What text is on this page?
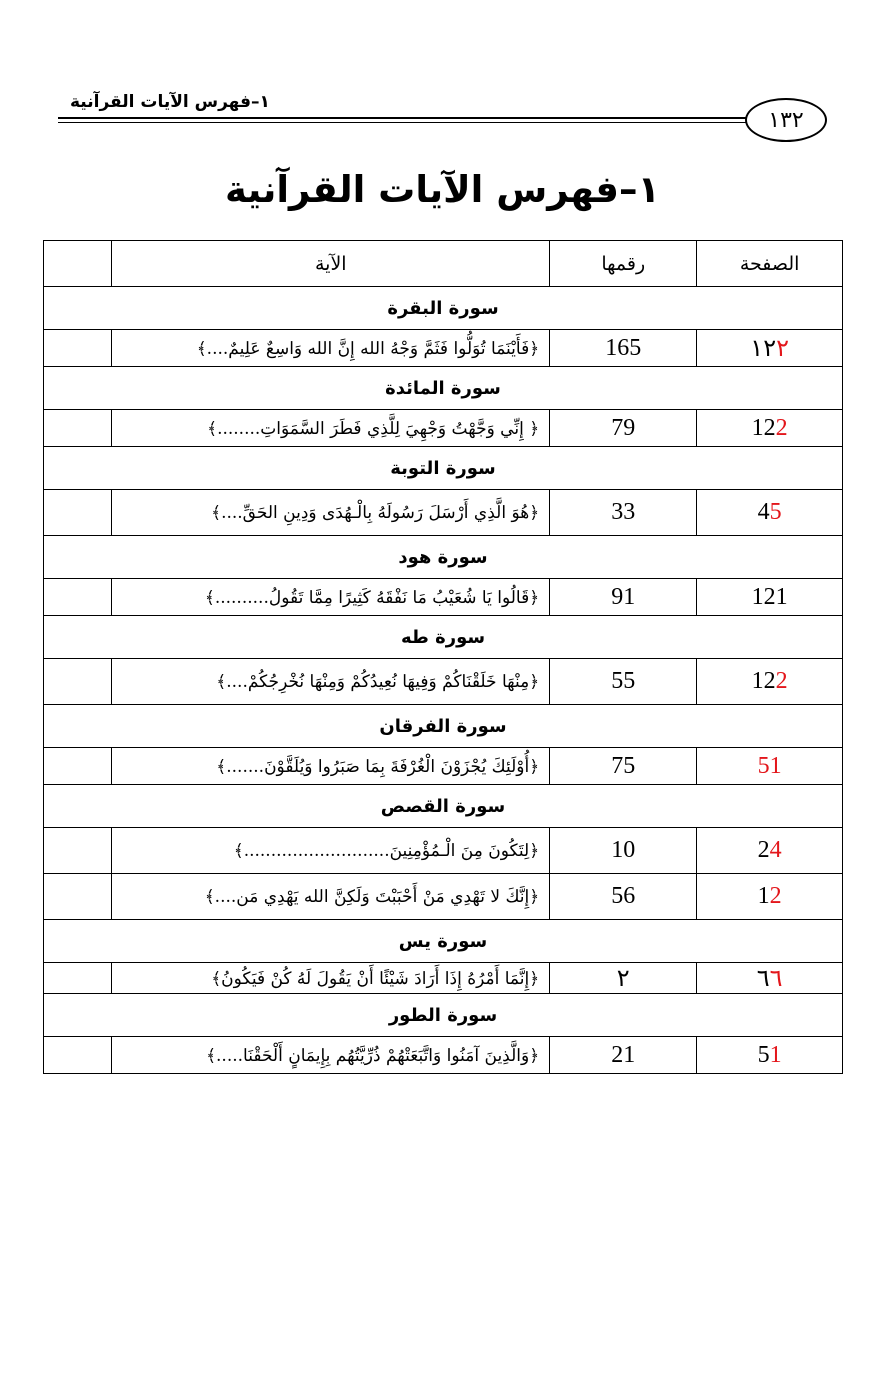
١–فهرس الآيات القرآنية
١٣٢
١–فهرس الآيات القرآنية
الصفحة	رقمها	الآية	
سورة البقرة			
١٢٢	165	﴿فَأَيْنَمَا تُوَلُّوا فَثَمَّ وَجْهُ الله إِنَّ الله وَاسِعٌ عَلِيمٌ....﴾	
سورة المائدة			
122	79	﴿ إِنِّي وَجَّهْتُ وَجْهِيَ لِلَّذِي فَطَرَ السَّمَوَاتِ........﴾	
سورة التوبة			
45	33	﴿هُوَ الَّذِي أَرْسَلَ رَسُولَهُ بِالْـهُدَى وَدِينِ الحَقِّ....﴾	
سورة هود			
121	91	﴿قَالُوا يَا شُعَيْبُ مَا نَفْقَهُ كَثِيرًا مِمَّا تَقُولُ..........﴾	
سورة طه			
122	55	﴿مِنْهَا خَلَقْنَاكُمْ وَفِيهَا نُعِيدُكُمْ وَمِنْهَا نُخْرِجُكُمْ....﴾	
سورة الفرقان			
51	75	﴿أُوْلَئِكَ يُجْزَوْنَ الْغُرْفَةَ بِمَا صَبَرُوا وَيُلَقَّوْنَ.......﴾	
سورة القصص			
24	10	﴿لِتَكُونَ مِنَ الْـمُؤْمِنِينَ...........................﴾	
12	56	﴿إِنَّكَ لا تَهْدِي مَنْ أَحْبَبْتَ وَلَكِنَّ الله يَهْدِي مَن....﴾	
سورة يس			
٦٦	٢	﴿إِنَّمَا أَمْرُهُ إِذَا أَرَادَ شَيْئًا أَنْ يَقُولَ لَهُ كُنْ فَيَكُونُ﴾	
سورة الطور			
51	21	﴿وَالَّذِينَ آمَنُوا وَاتَّبَعَتْهُمْ ذُرِّيَّتُهُم بِإِيمَانٍ أَلْحَقْنَا.....﴾	
